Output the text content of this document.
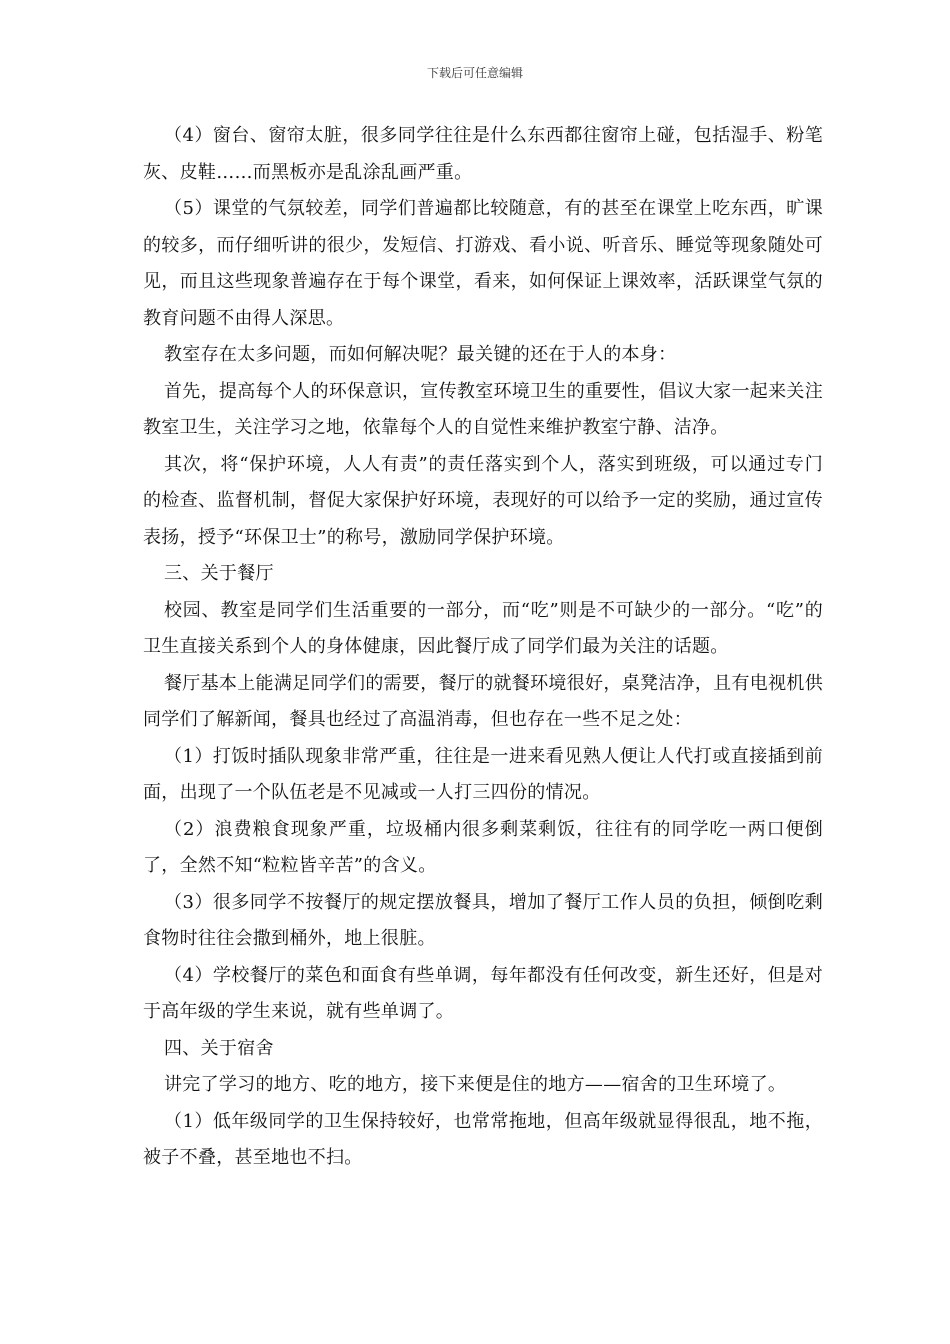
下载后可任意编辑

（4）窗台、窗帘太脏，很多同学往往是什么东西都往窗帘上碰，包括湿手、粉笔灰、皮鞋……而黑板亦是乱涂乱画严重。

（5）课堂的气氛较差，同学们普遍都比较随意，有的甚至在课堂上吃东西，旷课的较多，而仔细听讲的很少，发短信、打游戏、看小说、听音乐、睡觉等现象随处可见，而且这些现象普遍存在于每个课堂，看来，如何保证上课效率，活跃课堂气氛的教育问题不由得人深思。

教室存在太多问题，而如何解决呢？最关键的还在于人的本身：

首先，提高每个人的环保意识，宣传教室环境卫生的重要性，倡议大家一起来关注教室卫生，关注学习之地，依靠每个人的自觉性来维护教室宁静、洁净。

其次，将“保护环境，人人有责”的责任落实到个人，落实到班级，可以通过专门的检查、监督机制，督促大家保护好环境，表现好的可以给予一定的奖励，通过宣传表扬，授予“环保卫士”的称号，激励同学保护环境。

三、关于餐厅

校园、教室是同学们生活重要的一部分，而“吃”则是不可缺少的一部分。“吃”的卫生直接关系到个人的身体健康，因此餐厅成了同学们最为关注的话题。

餐厅基本上能满足同学们的需要，餐厅的就餐环境很好，桌凳洁净，且有电视机供同学们了解新闻，餐具也经过了高温消毒，但也存在一些不足之处：

（1）打饭时插队现象非常严重，往往是一进来看见熟人便让人代打或直接插到前面，出现了一个队伍老是不见减或一人打三四份的情况。

（2）浪费粮食现象严重，垃圾桶内很多剩菜剩饭，往往有的同学吃一两口便倒了，全然不知“粒粒皆辛苦”的含义。

（3）很多同学不按餐厅的规定摆放餐具，增加了餐厅工作人员的负担，倾倒吃剩食物时往往会撒到桶外，地上很脏。

（4）学校餐厅的菜色和面食有些单调，每年都没有任何改变，新生还好，但是对于高年级的学生来说，就有些单调了。

四、关于宿舍

讲完了学习的地方、吃的地方，接下来便是住的地方——宿舍的卫生环境了。

（1）低年级同学的卫生保持较好，也常常拖地，但高年级就显得很乱，地不拖，被子不叠，甚至地也不扫。
